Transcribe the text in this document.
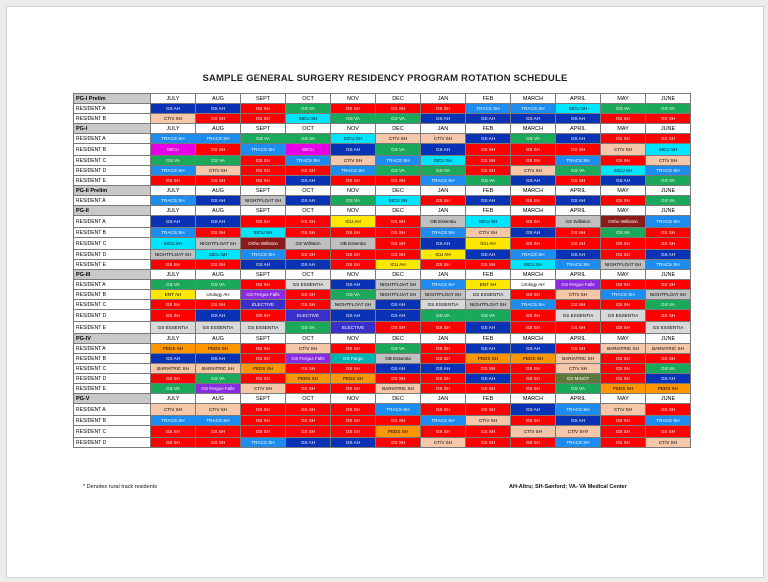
SAMPLE GENERAL SURGERY RESIDENCY PROGRAM ROTATION SCHEDULE
PG-I Prelim	JULY	AUG	SEPT	OCT	NOV	DEC	JAN	FEB	MARCH	APRIL	MAY	JUNE
RESIDENT A	GS AH	GS AH	GS SH	GS VA	GS SH	GS SH	GS SH	TRACS SH	TRACS SH	SICU SH	GS VA	GS VA
RESIDENT B	CT/V SH	GS SH	GS SH	SICU SH	GS VA	GS VA	GS AH	GS AH	GS AH	GS AH	GS SH	GS SH
PG-I	JULY	AUG	SEPT	OCT	NOV	DEC	JAN	FEB	MARCH	APRIL	MAY	JUNE
RESIDENT A	TRACS SH	TRACS SH	GS VA	GS VA	SICU SH	CT/V SH	CT/V SH	GS AH	GS VA	GS AH	GS SH	GS SH
RESIDENT B	MICU	GS SH	TRACS SH	MICU	GS AH	GS VA	GS AH	GS SH	GS SH	GS SH	CT/V SH	SICU SH
RESIDENT C	GS VA	GS VA	GS SH	TRACS SH	CT/V SH	TRACS SH	SICU SH	GS SH	GS SH	TRACS SH	GS SH	CT/V SH
RESIDENT D	TRACS SH	CT/V SH	GS SH	GS SH	TRACS SH	GS VA	GS VA	GS SH	CT/V SH	GS VA	SICU SH	TRACS SH
RESIDENT E	GS SH	GS SH	GS SH	GS AH	GS SH	GS SH	TRACS SH	GS VA	GS AH	GS SH	GS AH	GS VA
PG-II Prelim	JULY	AUG	SEPT	OCT	NOV	DEC	JAN	FEB	MARCH	APRIL	MAY	JUNE
RESIDENT A	TRACS SH	GS AH	NIGHTFLOAT SH	GS AH	GS VA	SICU SH	GS SH	GS AH	GS SH	GS AH	GS SH	GS VA
PG-II	JULY	AUG	SEPT	OCT	NOV	DEC	JAN	FEB	MARCH	APRIL	MAY	JUNE
RESIDENT A	GS AH	GS AH	GS SH	GS SH	ICU AH	GS SH	OB Essentia	SICU SH	GS SH	GS Williston	Ortho Williston	TRACS SH
RESIDENT B	TRACS SH	GS SH	SICU SH	GS SH	GS SH	GS SH	TRACS SH	CT/V SH	GS AH	GS SH	GS VA	GS SH
RESIDENT C	SICU SH	NIGHTFLOAT SH	Ortho Williston	GS Williston	OB Essentia	GS SH	GS AH	ICU AH	GS SH	GS SH	GS SH	GS SH
RESIDENT D	NIGHTFLOAT SH	SICU SH	TRACS SH	GS SH	GS SH	GS SH	ICU AH	GS AH	TRACS SH	GS AH	GS SH	GS AH
RESIDENT E	GS SH	GS SH	GS AH	GS AH	GS SH	ICU AH	GS SH	GS SH	SICU SH	TRACS SH	NIGHTFLOAT SH	TRACS SH
PG-III	JULY	AUG	SEPT	OCT	NOV	DEC	JAN	FEB	MARCH	APRIL	MAY	JUNE
RESIDENT A	GS VA	GS VA	GS SH	GS ESSENTIA	GS AH	NIGHTFLOAT SH	TRACS SH	ENT AH	Urology AH	GS Fergus Falls	GS SH	GS SH
RESIDENT B	ENT AH	Urology AH	GS Fergus Falls	GS SH	GS VA	NIGHTFLOAT SH	NIGHTFLOAT SH	GS ESSENTIA	GS SH	CT/V SH	TRACS SH	NIGHTFLOAT SH
RESIDENT C	GS SH	GS SH	ELECTIVE	GS SH	NIGHTFLOAT SH	GS AH	GS ESSENTIA	NIGHTFLOAT SH	TRACS SH	GS SH	GS SH	GS VA
RESIDENT D	GS SH	GS AH	GS SH	ELECTIVE	GS AH	GS AH	GS VA	GS VA	GS SH	GS ESSENTIA	GS ESSENTIA	GS SH
RESIDENT E	GS ESSENTIA	GS ESSENTIA	GS ESSENTIA	GS VA	ELECTIVE	GS SH	GS SH	GS AH	GS SH	GS SH	GS SH	GS ESSENTIA
PG-IV	JULY	AUG	SEPT	OCT	NOV	DEC	JAN	FEB	MARCH	APRIL	MAY	JUNE
RESIDENT A	PEDS SH	PEDS SH	GS SH	CT/V SH	GS SH	GS VA	GS SH	GS AH	GS AH	GS SH	BARIATRIC SH	BARIATRIC SH
RESIDENT B	GS AH	GS AH	GS SH	GS Fergus Falls	GS Fargo	OB Essentia	GS SH	PEDS SH	PEDS SH	BARIATRIC SH	GS SH	GS SH
RESIDENT C	BARIATRIC SH	BARIATRIC SH	PEDS SH	GS SH	GS SH	GS AH	GS AH	GS SH	GS SH	CT/V SH	GS SH	GS VA
RESIDENT D	GS SH	GS VA	GS SH	PEDS SH	PEDS SH	GS SH	GS SH	GS AH	GS SH	GS MINOT	GS SH	GS AH
RESIDENT E	GS VA	GS Fergus Falls	CT/V SH	GS SH	GS SH	BARIATRIC SH	GS SH	GS SH	GS SH	GS VA	PEDS SH	PEDS SH
PG-V	JULY	AUG	SEPT	OCT	NOV	DEC	JAN	FEB	MARCH	APRIL	MAY	JUNE
RESIDENT A	CT/V SH	CT/V SH	GS SH	GS SH	GS SH	TRACS SH	GS SH	GS SH	GS AH	TRACS SH	CT/V SH	GS SH
RESIDENT B	TRACS SH	TRACS SH	GS SH	GS SH	GS SH	GS SH	TRACS SH	CT/V SH	GS SH	GS AH	GS SH	TRACS SH
RESIDENT C	GS SH	GS SH	GS SH	GS SH	GS SH	PEDS SH	GS SH	GS SH	CT/V SH	CT/V SH?	GS SH	GS SH
RESIDENT D	GS SH	GS SH	TRACS SH	GS AH	GS AH	GS SH	CT/V SH	GS SH	GS SH	TRACS SH	GS SH	CT/V SH
* Denotes rural track residents	AH-Altru; SH-Sanford; VA- VA Medical Center
